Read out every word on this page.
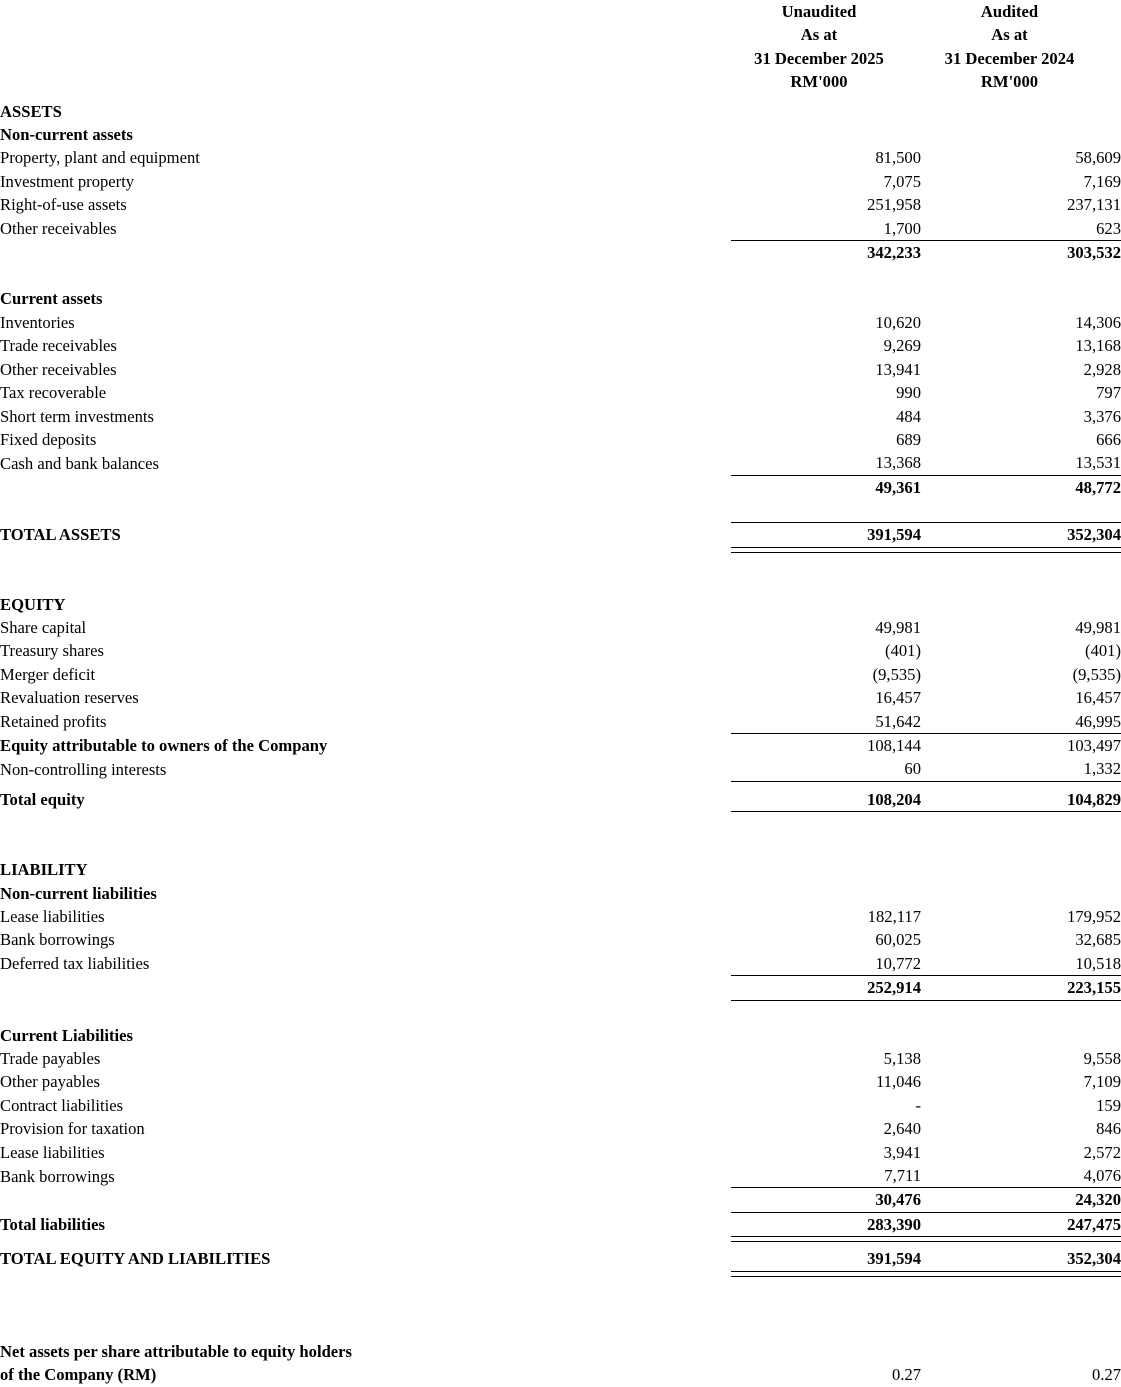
	Unaudited	Audited
	As at	As at
	31 December 2025	31 December 2024
	RM'000	RM'000

ASSETS		
Non-current assets		
Property, plant and equipment	81,500	58,609
Investment property	7,075	7,169
Right-of-use assets	251,958	237,131
Other receivables	1,700	623
	342,233	303,532

Current assets		
Inventories	10,620	14,306
Trade receivables	9,269	13,168
Other receivables	13,941	2,928
Tax recoverable	990	797
Short term investments	484	3,376
Fixed deposits	689	666
Cash and bank balances	13,368	13,531
	49,361	48,772

TOTAL ASSETS	391,594	352,304

EQUITY		
Share capital	49,981	49,981
Treasury shares	(401)	(401)
Merger deficit	(9,535)	(9,535)
Revaluation reserves	16,457	16,457
Retained profits	51,642	46,995
Equity attributable to owners of the Company	108,144	103,497
Non-controlling interests	60	1,332

Total equity	108,204	104,829

LIABILITY		
Non-current liabilities		
Lease liabilities	182,117	179,952
Bank borrowings	60,025	32,685
Deferred tax liabilities	10,772	10,518
	252,914	223,155

Current Liabilities		
Trade payables	5,138	9,558
Other payables	11,046	7,109
Contract liabilities	-	159
Provision for taxation	2,640	846
Lease liabilities	3,941	2,572
Bank borrowings	7,711	4,076
	30,476	24,320
Total liabilities	283,390	247,475

TOTAL EQUITY AND LIABILITIES	391,594	352,304

Net assets per share attributable to equity holders		
of the Company (RM)	0.27	0.27
